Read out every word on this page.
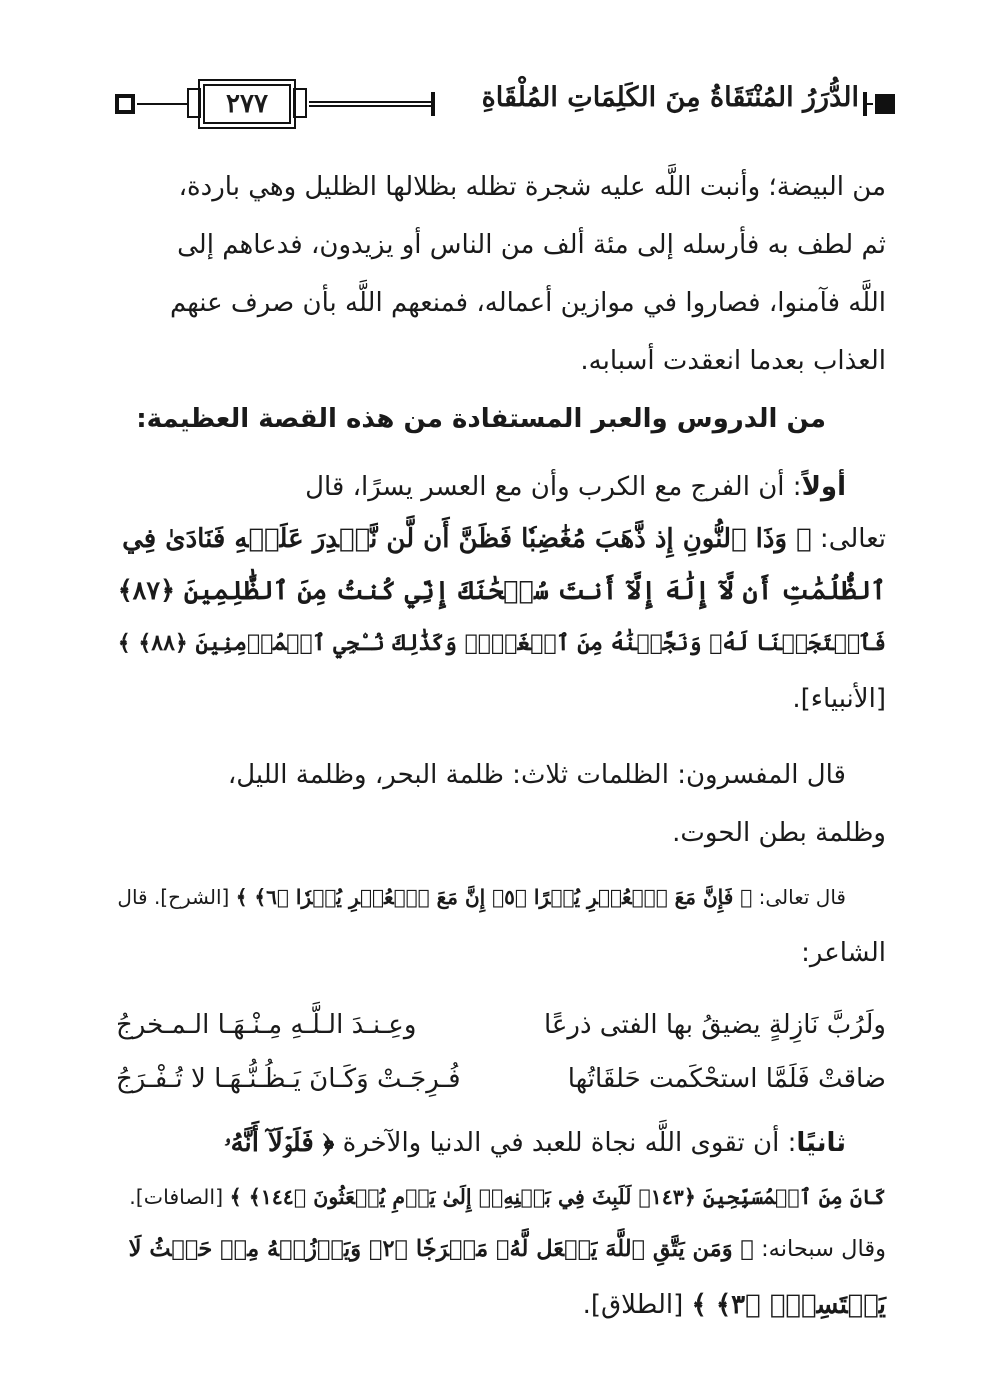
٢٧٧	الدُّرَرُ المُنْتَقَاةُ مِنَ الكَلِمَاتِ المُلْقَاةِ
من البيضة؛ وأنبت اللَّه عليه شجرة تظله بظلالها الظليل وهي باردة،
ثم لطف به فأرسله إلى مئة ألف من الناس أو يزيدون، فدعاهم إلى
اللَّه فآمنوا، فصاروا في موازين أعماله، فمنعهم اللَّه بأن صرف عنهم
العذاب بعدما انعقدت أسبابه.
من الدروس والعبر المستفادة من هذه القصة العظيمة:
أولاً: أن الفرج مع الكرب وأن مع العسر يسرًا، قال
تعالى: ﴿ وَذَا ٱلنُّونِ إِذ ذَّهَبَ مُغَٰضِبٗا فَظَنَّ أَن لَّن نَّقۡدِرَ عَلَيۡهِ فَنَادَىٰ فِي
ٱلظُّلُمَٰتِ أَن لَّآ إِلَٰهَ إِلَّآ أَنتَ سُبۡحَٰنَكَ إِنِّي كُنتُ مِنَ ٱلظَّٰلِمِينَ ﴿٨٧﴾
فَٱسۡتَجَبۡنَا لَهُۥ وَنَجَّيۡنَٰهُ مِنَ ٱلۡغَمِّۚ وَكَذَٰلِكَ نُـۨجِي ٱلۡمُؤۡمِنِينَ ﴿٨٨﴾ ﴾
[الأنبياء].
قال المفسرون: الظلمات ثلاث: ظلمة البحر، وظلمة الليل،
وظلمة بطن الحوت.
قال تعالى: ﴿ فَإِنَّ مَعَ ٱلۡعُسۡرِ يُسۡرًا ﴿٥﴾ إِنَّ مَعَ ٱلۡعُسۡرِ يُسۡرٗا ﴿٦﴾ ﴾ [الشرح]. قال
الشاعر:
ولَرُبَّ نَازِلةٍ يضيقُ بها الفتى ذرعًا
وعِـنـدَ الـلَّـهِ مِـنْـهَـا الـمـخرجُ
ضاقتْ فَلَمَّا استحْكَمت حَلقَاتُها
فُـرِجَـتْ وَكَـانَ يَـظُـنُّـهَـا لا تُـفْـرَجُ
ثانيًا: أن تقوى اللَّه نجاة للعبد في الدنيا والآخرة ﴿ فَلَوۡلَآ أَنَّهُۥ
كَانَ مِنَ ٱلۡمُسَبِّحِينَ ﴿١٤٣﴾ لَلَبِثَ فِي بَطۡنِهِۦٓ إِلَىٰ يَوۡمِ يُبۡعَثُونَ ﴿١٤٤﴾ ﴾ [الصافات].
وقال سبحانه: ﴿ وَمَن يَتَّقِ ٱللَّهَ يَجۡعَل لَّهُۥ مَخۡرَجٗا ﴿٢﴾ وَيَرۡزُقۡهُ مِنۡ حَيۡثُ لَا
يَحۡتَسِبُۚ ﴿٣﴾ ﴾ [الطلاق].
